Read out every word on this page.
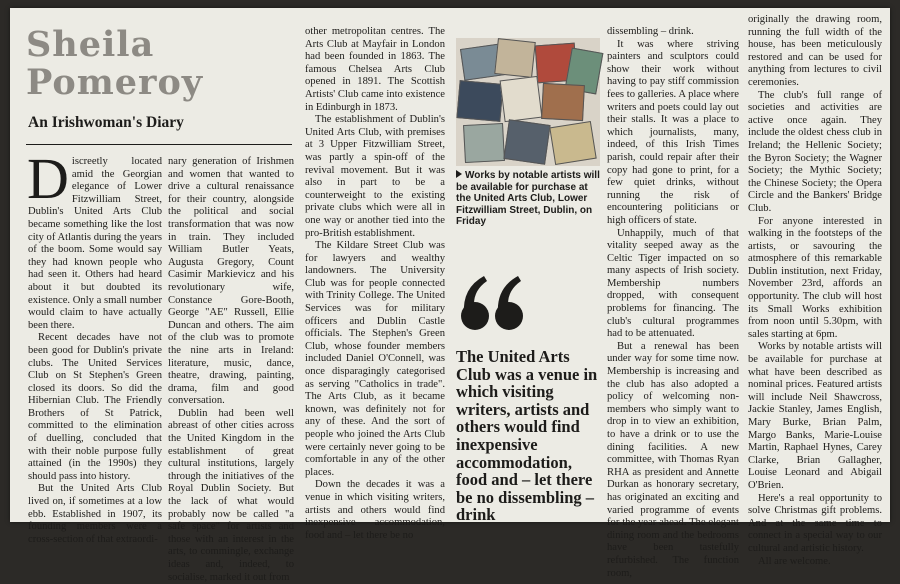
Sheila
Pomeroy
An Irishwoman's Diary

Discreetly located amid the Georgian elegance of Lower Fitzwilliam Street, Dublin's United Arts Club became something like the lost city of Atlantis during the years of the boom. Some would say they had known people who had seen it. Others had heard about it but doubted its existence. Only a small number would claim to have actually been there.

Recent decades have not been good for Dublin's private clubs. The United Services Club on St Stephen's Green closed its doors. So did the Hibernian Club. The Friendly Brothers of St Patrick, committed to the elimination of duelling, concluded that with their noble purpose fully attained (in the 1990s) they should pass into history.

But the United Arts Club lived on, if sometimes at a low ebb. Established in 1907, its founding members were a cross-section of that extraordi-

nary generation of Irishmen and women that wanted to drive a cultural renaissance for their country, alongside the political and social transformation that was now in train. They included William Butler Yeats, Augusta Gregory, Count Casimir Markievicz and his revolutionary wife, Constance Gore-Booth, George "AE" Russell, Ellie Duncan and others. The aim of the club was to promote the nine arts in Ireland: literature, music, dance, theatre, drawing, painting, drama, film and good conversation.

Dublin had been well abreast of other cities across the United Kingdom in the establishment of great cultural institutions, largely through the initiatives of the Royal Dublin Society. But the lack of what would probably now be called "a safe space" for artists and those with an interest in the arts, to commingle, exchange ideas and, indeed, to socialise, marked it out from

other metropolitan centres. The Arts Club at Mayfair in London had been founded in 1863. The famous Chelsea Arts Club opened in 1891. The Scottish Artists' Club came into existence in Edinburgh in 1873.

The establishment of Dublin's United Arts Club, with premises at 3 Upper Fitzwilliam Street, was partly a spin-off of the revival movement. But it was also in part to be a counterweight to the existing private clubs which were all in one way or another tied into the pro-British establishment.

The Kildare Street Club was for lawyers and wealthy landowners. The University Club was for people connected with Trinity College. The United Services was for military officers and Dublin Castle officials. The Stephen's Green Club, whose founder members included Daniel O'Connell, was once disparagingly categorised as serving "Catholics in trade". The Arts Club, as it became known, was definitely not for any of these. And the sort of people who joined the Arts Club were certainly never going to be comfortable in any of the other places.

Down the decades it was a venue in which visiting writers, artists and others would find inexpensive accommodation, food and – let there be no

Works by notable artists will be available for purchase at the United Arts Club, Lower Fitzwilliam Street, Dublin, on Friday
The United Arts Club was a venue in which visiting writers, artists and others would find inexpensive accommodation, food and – let there be no dissembling – drink

dissembling – drink.

It was where striving painters and sculptors could show their work without having to pay stiff commission fees to galleries. A place where writers and poets could lay out their stalls. It was a place to which journalists, many, indeed, of this Irish Times parish, could repair after their copy had gone to print, for a few quiet drinks, without running the risk of encountering politicians or high officers of state.

Unhappily, much of that vitality seeped away as the Celtic Tiger impacted on so many aspects of Irish society. Membership numbers dropped, with consequent problems for financing. The club's cultural programmes had to be attenuated.

But a renewal has been under way for some time now. Membership is increasing and the club has also adopted a policy of welcoming non-members who simply want to drop in to view an exhibition, to have a drink or to use the dining facilities. A new committee, with Thomas Ryan RHA as president and Annette Durkan as honorary secretary, has originated an exciting and varied programme of events for the year ahead. The elegant dining room and the bedrooms have been tastefully refurbished. The function room,

originally the drawing room, running the full width of the house, has been meticulously restored and can be used for anything from lectures to civil ceremonies.

The club's full range of societies and activities are active once again. They include the oldest chess club in Ireland; the Hellenic Society; the Byron Society; the Wagner Society; the Mythic Society; the Chinese Society; the Opera Circle and the Bankers' Bridge Club.

For anyone interested in walking in the footsteps of the artists, or savouring the atmosphere of this remarkable Dublin institution, next Friday, November 23rd, affords an opportunity. The club will host its Small Works exhibition from noon until 5.30pm, with sales starting at 6pm.

Works by notable artists will be available for purchase at what have been described as nominal prices. Featured artists will include Neil Shawcross, Jackie Stanley, James English, Mary Burke, Brian Palm, Margo Banks, Marie-Louise Martin, Raphael Hynes, Carey Clarke, Brian Gallagher, Louise Leonard and Abigail O'Brien.

Here's a real opportunity to solve Christmas gift problems. And at the same time to connect in a special way to our cultural and artistic history.

All are welcome.
